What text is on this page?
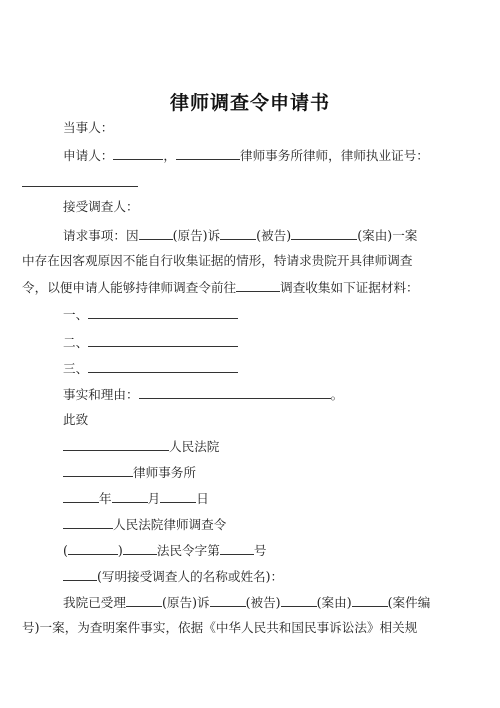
律师调查令申请书
当事人：
申请人：	，	律师事务所律师，律师执业证号：
接受调查人：
请求事项：因	(原告)诉	(被告)	(案由)一案
中存在因客观原因不能自行收集证据的情形，特请求贵院开具律师调查
令，以便申请人能够持律师调查令前往	调查收集如下证据材料：
一、
二、
三、
事实和理由：	。
此致
人民法院
律师事务所
年	月	日
人民法院律师调查令
(	)	法民令字第	号
(写明接受调查人的名称或姓名)：
我院已受理	(原告)诉	(被告)	(案由)	(案件编
号)一案，为查明案件事实，依据《中华人民共和国民事诉讼法》相关规
